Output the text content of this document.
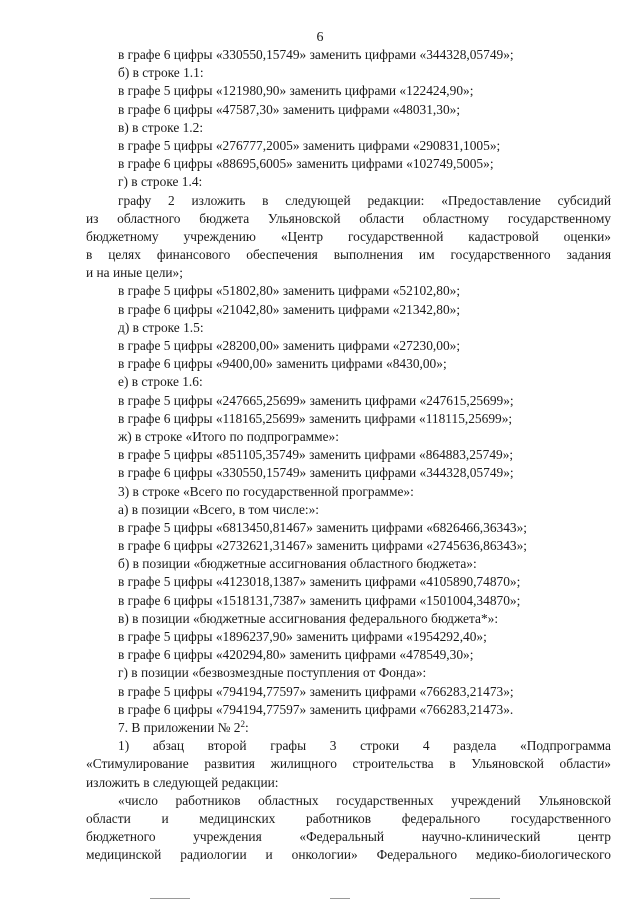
6
в графе 6 цифры «330550,15749» заменить цифрами «344328,05749»;
б) в строке 1.1:
в графе 5 цифры «121980,90» заменить цифрами «122424,90»;
в графе 6 цифры «47587,30» заменить цифрами «48031,30»;
в) в строке 1.2:
в графе 5 цифры «276777,2005» заменить цифрами «290831,1005»;
в графе 6 цифры «88695,6005» заменить цифрами «102749,5005»;
г) в строке 1.4:
графу 2 изложить в следующей редакции: «Предоставление субсидий
из областного бюджета Ульяновской области областному государственному
бюджетному учреждению «Центр государственной кадастровой оценки»
в целях финансового обеспечения выполнения им государственного задания
и на иные цели»;
в графе 5 цифры «51802,80» заменить цифрами «52102,80»;
в графе 6 цифры «21042,80» заменить цифрами «21342,80»;
д) в строке 1.5:
в графе 5 цифры «28200,00» заменить цифрами «27230,00»;
в графе 6 цифры «9400,00» заменить цифрами «8430,00»;
е) в строке 1.6:
в графе 5 цифры «247665,25699» заменить цифрами «247615,25699»;
в графе 6 цифры «118165,25699» заменить цифрами «118115,25699»;
ж) в строке «Итого по подпрограмме»:
в графе 5 цифры «851105,35749» заменить цифрами «864883,25749»;
в графе 6 цифры «330550,15749» заменить цифрами «344328,05749»;
3) в строке «Всего по государственной программе»:
а) в позиции «Всего, в том числе:»:
в графе 5 цифры «6813450,81467» заменить цифрами «6826466,36343»;
в графе 6 цифры «2732621,31467» заменить цифрами «2745636,86343»;
б) в позиции «бюджетные ассигнования областного бюджета»:
в графе 5 цифры «4123018,1387» заменить цифрами «4105890,74870»;
в графе 6 цифры «1518131,7387» заменить цифрами «1501004,34870»;
в) в позиции «бюджетные ассигнования федерального бюджета*»:
в графе 5 цифры «1896237,90» заменить цифрами «1954292,40»;
в графе 6 цифры «420294,80» заменить цифрами «478549,30»;
г) в позиции «безвозмездные поступления от Фонда»:
в графе 5 цифры «794194,77597» заменить цифрами «766283,21473»;
в графе 6 цифры «794194,77597» заменить цифрами «766283,21473».
7. В приложении № $2^2$:
1) абзац второй графы 3 строки 4 раздела «Подпрограмма
«Стимулирование развития жилищного строительства в Ульяновской области»
изложить в следующей редакции:
«число работников областных государственных учреждений Ульяновской
области и медицинских работников федерального государственного
бюджетного учреждения «Федеральный научно-клинический центр
медицинской радиологии и онкологии» Федерального медико-биологического
